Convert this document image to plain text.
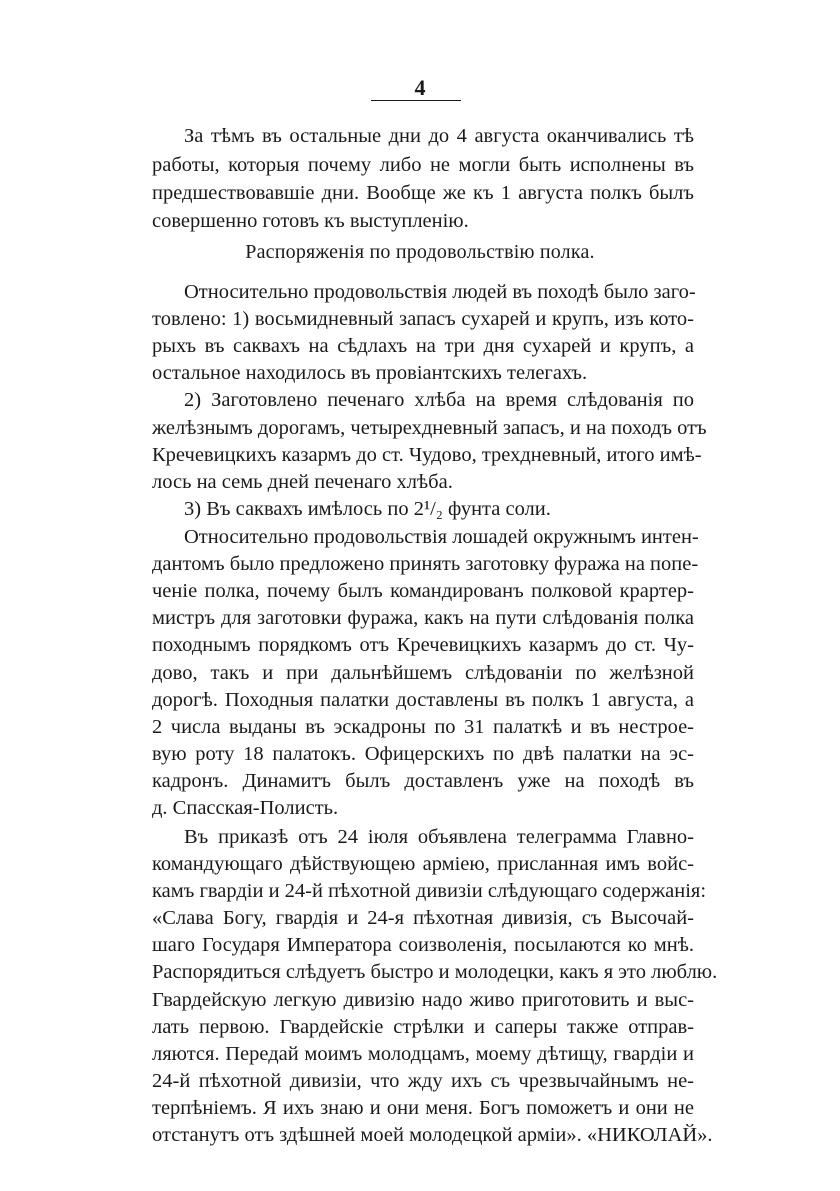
4
За тѣмъ въ остальные дни до 4 августа оканчивались тѣ
работы, которыя почему либо не могли быть исполнены въ
предшествовавшіе дни. Вообще же къ 1 августа полкъ былъ
совершенно готовъ къ выступленію.
Распоряженія по продовольствію полка.
Относительно продовольствія людей въ походѣ было заго-
товлено: 1) восьмидневный запасъ сухарей и крупъ, изъ кото-
рыхъ въ саквахъ на сѣдлахъ на три дня сухарей и крупъ, а
остальное находилось въ провіантскихъ телегахъ.
2) Заготовлено печенаго хлѣба на время слѣдованія по
желѣзнымъ дорогамъ, четырехдневный запасъ, и на походъ отъ
Кречевицкихъ казармъ до ст. Чудово, трехдневный, итого имѣ-
лось на семь дней печенаго хлѣба.
3) Въ саквахъ имѣлось по 2¹/₂ фунта соли.
Относительно продовольствія лошадей окружнымъ интен-
дантомъ было предложено принять заготовку фуража на попе-
ченіе полка, почему былъ командированъ полковой крартер-
мистръ для заготовки фуража, какъ на пути слѣдованія полка
походнымъ порядкомъ отъ Кречевицкихъ казармъ до ст. Чу-
дово, такъ и при дальнѣйшемъ слѣдованіи по желѣзной
дорогѣ. Походныя палатки доставлены въ полкъ 1 августа, а
2 числа выданы въ эскадроны по 31 палаткѣ и въ нестрое-
вую роту 18 палатокъ. Офицерскихъ по двѣ палатки на эс-
кадронъ. Динамитъ былъ доставленъ уже на походѣ въ
д. Спасская-Полисть.
Въ приказѣ отъ 24 іюля объявлена телеграмма Главно-
командующаго дѣйствующею арміею, присланная имъ войс-
камъ гвардіи и 24-й пѣхотной дивизіи слѣдующаго содержанія:
«Слава Богу, гвардія и 24-я пѣхотная дивизія, съ Высочай-
шаго Государя Императора соизволенія, посылаются ко мнѣ.
Распорядиться слѣдуетъ быстро и молодецки, какъ я это люблю.
Гвардейскую легкую дивизію надо живо приготовить и выс-
лать первою. Гвардейскіе стрѣлки и саперы также отправ-
ляются. Передай моимъ молодцамъ, моему дѣтищу, гвардіи и
24-й пѣхотной дивизіи, что жду ихъ съ чрезвычайнымъ не-
терпѣніемъ. Я ихъ знаю и они меня. Богъ поможетъ и они не
отстанутъ отъ здѣшней моей молодецкой арміи». «НИКОЛАЙ».
